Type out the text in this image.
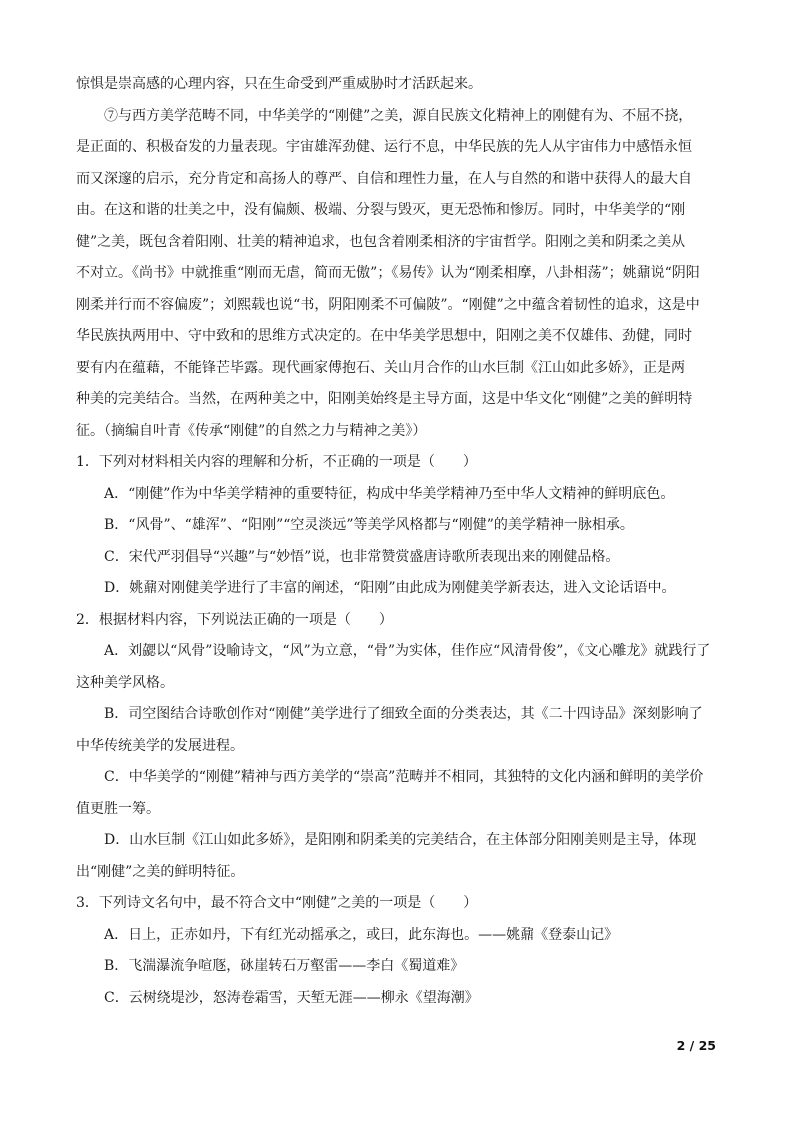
惊惧是崇高感的心理内容，只在生命受到严重威胁时才活跃起来。
⑦与西方美学范畴不同，中华美学的“刚健”之美，源自民族文化精神上的刚健有为、不屈不挠，
是正面的、积极奋发的力量表现。宇宙雄浑劲健、运行不息，中华民族的先人从宇宙伟力中感悟永恒
而又深邃的启示，充分肯定和高扬人的尊严、自信和理性力量，在人与自然的和谐中获得人的最大自
由。在这和谐的壮美之中，没有偏颇、极端、分裂与毁灭，更无恐怖和惨厉。同时，中华美学的“刚
健”之美，既包含着阳刚、壮美的精神追求，也包含着刚柔相济的宇宙哲学。阳刚之美和阴柔之美从
不对立。《尚书》中就推重“刚而无虐，简而无傲”；《易传》认为“刚柔相摩，八卦相荡”；姚鼐说“阴阳
刚柔并行而不容偏废”；刘熙载也说“书，阴阳刚柔不可偏陂”。“刚健”之中蕴含着韧性的追求，这是中
华民族执两用中、守中致和的思维方式决定的。在中华美学思想中，阳刚之美不仅雄伟、劲健，同时
要有内在蕴藉，不能锋芒毕露。现代画家傅抱石、关山月合作的山水巨制《江山如此多娇》，正是两
种美的完美结合。当然，在两种美之中，阳刚美始终是主导方面，这是中华文化“刚健”之美的鲜明特
征。（摘编自叶青《传承“刚健”的自然之力与精神之美》）
1．下列对材料相关内容的理解和分析，不正确的一项是（　　）
A．“刚健”作为中华美学精神的重要特征，构成中华美学精神乃至中华人文精神的鲜明底色。
B．“风骨”、“雄浑”、“阳刚”“空灵淡远”等美学风格都与“刚健”的美学精神一脉相承。
C．宋代严羽倡导“兴趣”与“妙悟”说，也非常赞赏盛唐诗歌所表现出来的刚健品格。
D．姚鼐对刚健美学进行了丰富的阐述，“阳刚”由此成为刚健美学新表达，进入文论话语中。
2．根据材料内容，下列说法正确的一项是（　　）
A．刘勰以“风骨”设喻诗文，“风”为立意，“骨”为实体，佳作应“风清骨俊”，《文心雕龙》就践行了
这种美学风格。
B．司空图结合诗歌创作对“刚健”美学进行了细致全面的分类表达，其《二十四诗品》深刻影响了
中华传统美学的发展进程。
C．中华美学的“刚健”精神与西方美学的“崇高”范畴并不相同，其独特的文化内涵和鲜明的美学价
值更胜一筹。
D．山水巨制《江山如此多娇》，是阳刚和阴柔美的完美结合，在主体部分阳刚美则是主导，体现
出“刚健”之美的鲜明特征。
3．下列诗文名句中，最不符合文中“刚健”之美的一项是（　　）
A．日上，正赤如丹，下有红光动摇承之，或曰，此东海也。——姚鼐《登泰山记》
B．飞湍瀑流争喧豗，砯崖转石万壑雷——李白《蜀道难》
C．云树绕堤沙，怒涛卷霜雪，天堑无涯——柳永《望海潮》
2 / 25
